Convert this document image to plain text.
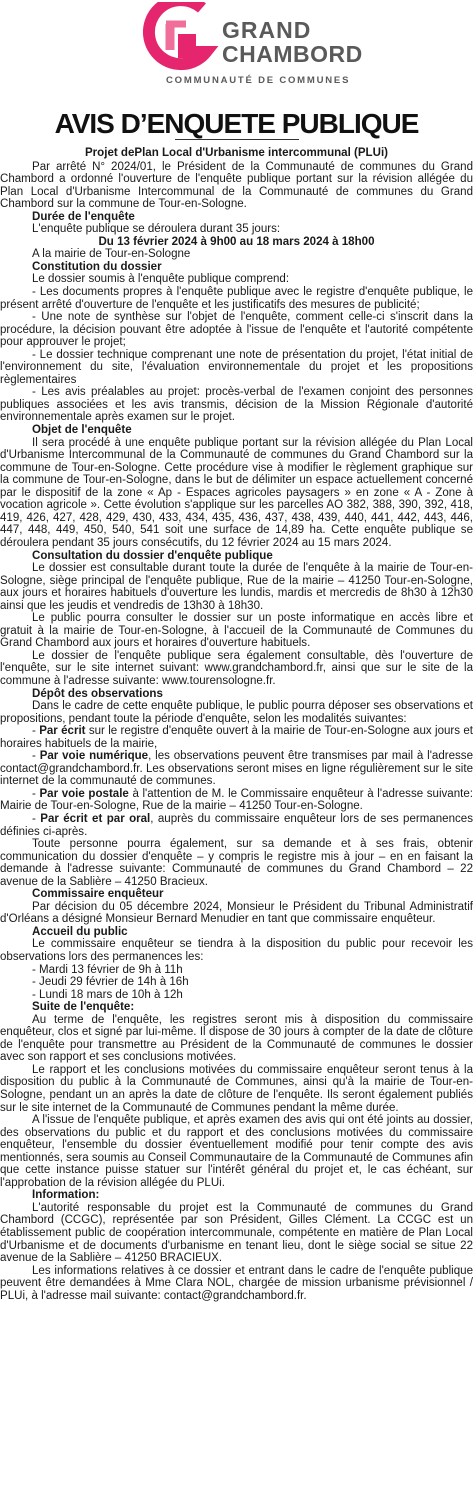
GRAND
CHAMBORD
COMMUNAUTÉ DE COMMUNES
AVIS D’ENQUETE PUBLIQUE
Projet dePlan Local d'Urbanisme intercommunal (PLUi)

Par arrêté N° 2024/01, le Président de la Communauté de communes du Grand Chambord a ordonné l'ouverture de l'enquête publique portant sur la révision allégée du Plan Local d'Urbanisme Intercommunal de la Communauté de communes du Grand Chambord sur la commune de Tour-en-Sologne.

Durée de l'enquête

L'enquête publique se déroulera durant 35 jours:

Du 13 février 2024 à 9h00 au 18 mars 2024 à 18h00

A la mairie de Tour-en-Sologne

Constitution du dossier

Le dossier soumis à l'enquête publique comprend:

- Les documents propres à l'enquête publique avec le registre d'enquête publique, le présent arrêté d'ouverture de l'enquête et les justificatifs des mesures de publicité;

- Une note de synthèse sur l'objet de l'enquête, comment celle-ci s'inscrit dans la procédure, la décision pouvant être adoptée à l'issue de l'enquête et l'autorité compétente pour approuver le projet;

- Le dossier technique comprenant une note de présentation du projet, l'état initial de l'environnement du site, l'évaluation environnementale du projet et les propositions règlementaires

- Les avis préalables au projet: procès-verbal de l'examen conjoint des personnes publiques associées et les avis transmis, décision de la Mission Régionale d'autorité environnementale après examen sur le projet.

Objet de l'enquête

Il sera procédé à une enquête publique portant sur la révision allégée du Plan Local d'Urbanisme Intercommunal de la Communauté de communes du Grand Chambord sur la commune de Tour-en-Sologne. Cette procédure vise à modifier le règlement graphique sur la commune de Tour-en-Sologne, dans le but de délimiter un espace actuellement concerné par le dispositif de la zone « Ap - Espaces agricoles paysagers » en zone « A - Zone à vocation agricole ». Cette évolution s'applique sur les parcelles AO 382, 388, 390, 392, 418, 419, 426, 427, 428, 429, 430, 433, 434, 435, 436, 437, 438, 439, 440, 441, 442, 443, 446, 447, 448, 449, 450, 540, 541 soit une surface de 14,89 ha. Cette enquête publique se déroulera pendant 35 jours consécutifs, du 12 février 2024 au 15 mars 2024.

Consultation du dossier d'enquête publique

Le dossier est consultable durant toute la durée de l'enquête à la mairie de Tour-en-Sologne, siège principal de l'enquête publique, Rue de la mairie – 41250 Tour-en-Sologne, aux jours et horaires habituels d'ouverture les lundis, mardis et mercredis de 8h30 à 12h30 ainsi que les jeudis et vendredis de 13h30 à 18h30.

Le public pourra consulter le dossier sur un poste informatique en accès libre et gratuit à la mairie de Tour-en-Sologne, à l'accueil de la Communauté de Communes du Grand Chambord aux jours et horaires d'ouverture habituels.

Le dossier de l'enquête publique sera également consultable, dès l'ouverture de l'enquête, sur le site internet suivant: www.grandchambord.fr, ainsi que sur le site de la commune à l'adresse suivante: www.tourensologne.fr.

Dépôt des observations

Dans le cadre de cette enquête publique, le public pourra déposer ses observations et propositions, pendant toute la période d'enquête, selon les modalités suivantes:

- Par écrit sur le registre d'enquête ouvert à la mairie de Tour-en-Sologne aux jours et horaires habituels de la mairie,

- Par voie numérique, les observations peuvent être transmises par mail à l'adresse contact@grandchambord.fr. Les observations seront mises en ligne régulièrement sur le site internet de la communauté de communes.

- Par voie postale à l'attention de M. le Commissaire enquêteur à l'adresse suivante: Mairie de Tour-en-Sologne, Rue de la mairie – 41250 Tour-en-Sologne.

- Par écrit et par oral, auprès du commissaire enquêteur lors de ses permanences définies ci-après.

Toute personne pourra également, sur sa demande et à ses frais, obtenir communication du dossier d'enquête – y compris le registre mis à jour – en en faisant la demande à l'adresse suivante: Communauté de communes du Grand Chambord – 22 avenue de la Sablière – 41250 Bracieux.

Commissaire enquêteur

Par décision du 05 décembre 2024, Monsieur le Président du Tribunal Administratif d'Orléans a désigné Monsieur Bernard Menudier en tant que commissaire enquêteur.

Accueil du public

Le commissaire enquêteur se tiendra à la disposition du public pour recevoir les observations lors des permanences les:

- Mardi 13 février de 9h à 11h

- Jeudi 29 février de 14h à 16h

- Lundi 18 mars de 10h à 12h

Suite de l'enquête:

Au terme de l'enquête, les registres seront mis à disposition du commissaire enquêteur, clos et signé par lui-même. Il dispose de 30 jours à compter de la date de clôture de l'enquête pour transmettre au Président de la Communauté de communes le dossier avec son rapport et ses conclusions motivées.

Le rapport et les conclusions motivées du commissaire enquêteur seront tenus à la disposition du public à la Communauté de Communes, ainsi qu'à la mairie de Tour-en-Sologne, pendant un an après la date de clôture de l'enquête. Ils seront également publiés sur le site internet de la Communauté de Communes pendant la même durée.

A l'issue de l'enquête publique, et après examen des avis qui ont été joints au dossier, des observations du public et du rapport et des conclusions motivées du commissaire enquêteur, l'ensemble du dossier éventuellement modifié pour tenir compte des avis mentionnés, sera soumis au Conseil Communautaire de la Communauté de Communes afin que cette instance puisse statuer sur l'intérêt général du projet et, le cas échéant, sur l'approbation de la révision allégée du PLUi.

Information:

L'autorité responsable du projet est la Communauté de communes du Grand Chambord (CCGC), représentée par son Président, Gilles Clément. La CCGC est un établissement public de coopération intercommunale, compétente en matière de Plan Local d'Urbanisme et de documents d'urbanisme en tenant lieu, dont le siège social se situe 22 avenue de la Sablière – 41250 BRACIEUX.

Les informations relatives à ce dossier et entrant dans le cadre de l'enquête publique peuvent être demandées à Mme Clara NOL, chargée de mission urbanisme prévisionnel / PLUi, à l'adresse mail suivante: contact@grandchambord.fr.
